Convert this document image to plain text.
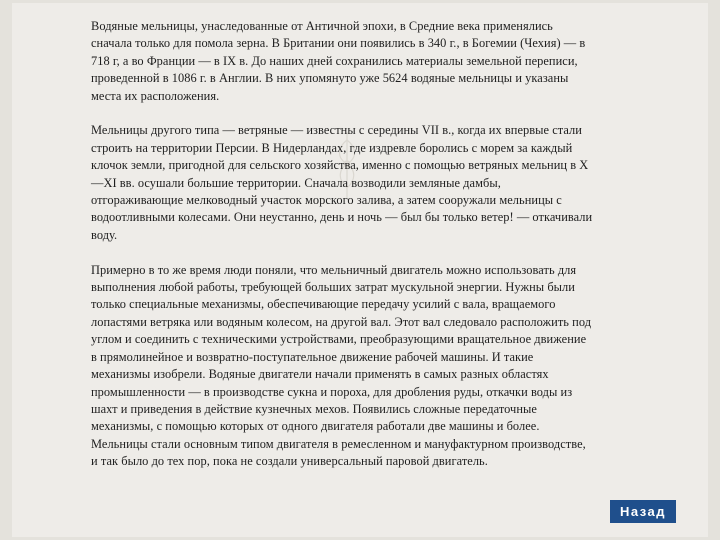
Водяные мельницы, унаследованные от Античной эпохи, в Средние века применялись
сначала только для помола зерна. В Британии они появились в 340 г., в Богемии (Чехия) — в
718 г, а во Франции — в IX в. До наших дней сохранились материалы земельной переписи,
проведенной в 1086 г. в Англии. В них упомянуто уже 5624 водяные мельницы и указаны
места их расположения.

Мельницы другого типа — ветряные — известны с середины VII в., когда их впервые стали
строить на территории Персии. В Нидерландах, где издревле боролись с морем за каждый
клочок земли, пригодной для сельского хозяйства, именно с помощью ветряных мельниц в X
—XI вв. осушали большие территории. Сначала возводили земляные дамбы,
отгораживающие мелководный участок морского залива, а затем сооружали мельницы с
водоотливными колесами. Они неустанно, день и ночь — был бы только ветер! — откачивали
воду.

Примерно в то же время люди поняли, что мельничный двигатель можно использовать для
выполнения любой работы, требующей больших затрат мускульной энергии. Нужны были
только специальные механизмы, обеспечивающие передачу усилий с вала, вращаемого
лопастями ветряка или водяным колесом, на другой вал. Этот вал следовало расположить под
углом и соединить с техническими устройствами, преобразующими вращательное движение
в прямолинейное и возвратно-поступательное движение рабочей машины. И такие
механизмы изобрели. Водяные двигатели начали применять в самых разных областях
промышленности — в производстве сукна и пороха, для дробления руды, откачки воды из
шахт и приведения в действие кузнечных мехов. Появились сложные передаточные
механизмы, с помощью которых от одного двигателя работали две машины и более.
Мельницы стали основным типом двигателя в ремесленном и мануфактурном производстве,
и так было до тех пор, пока не создали универсальный паровой двигатель.

Назад
